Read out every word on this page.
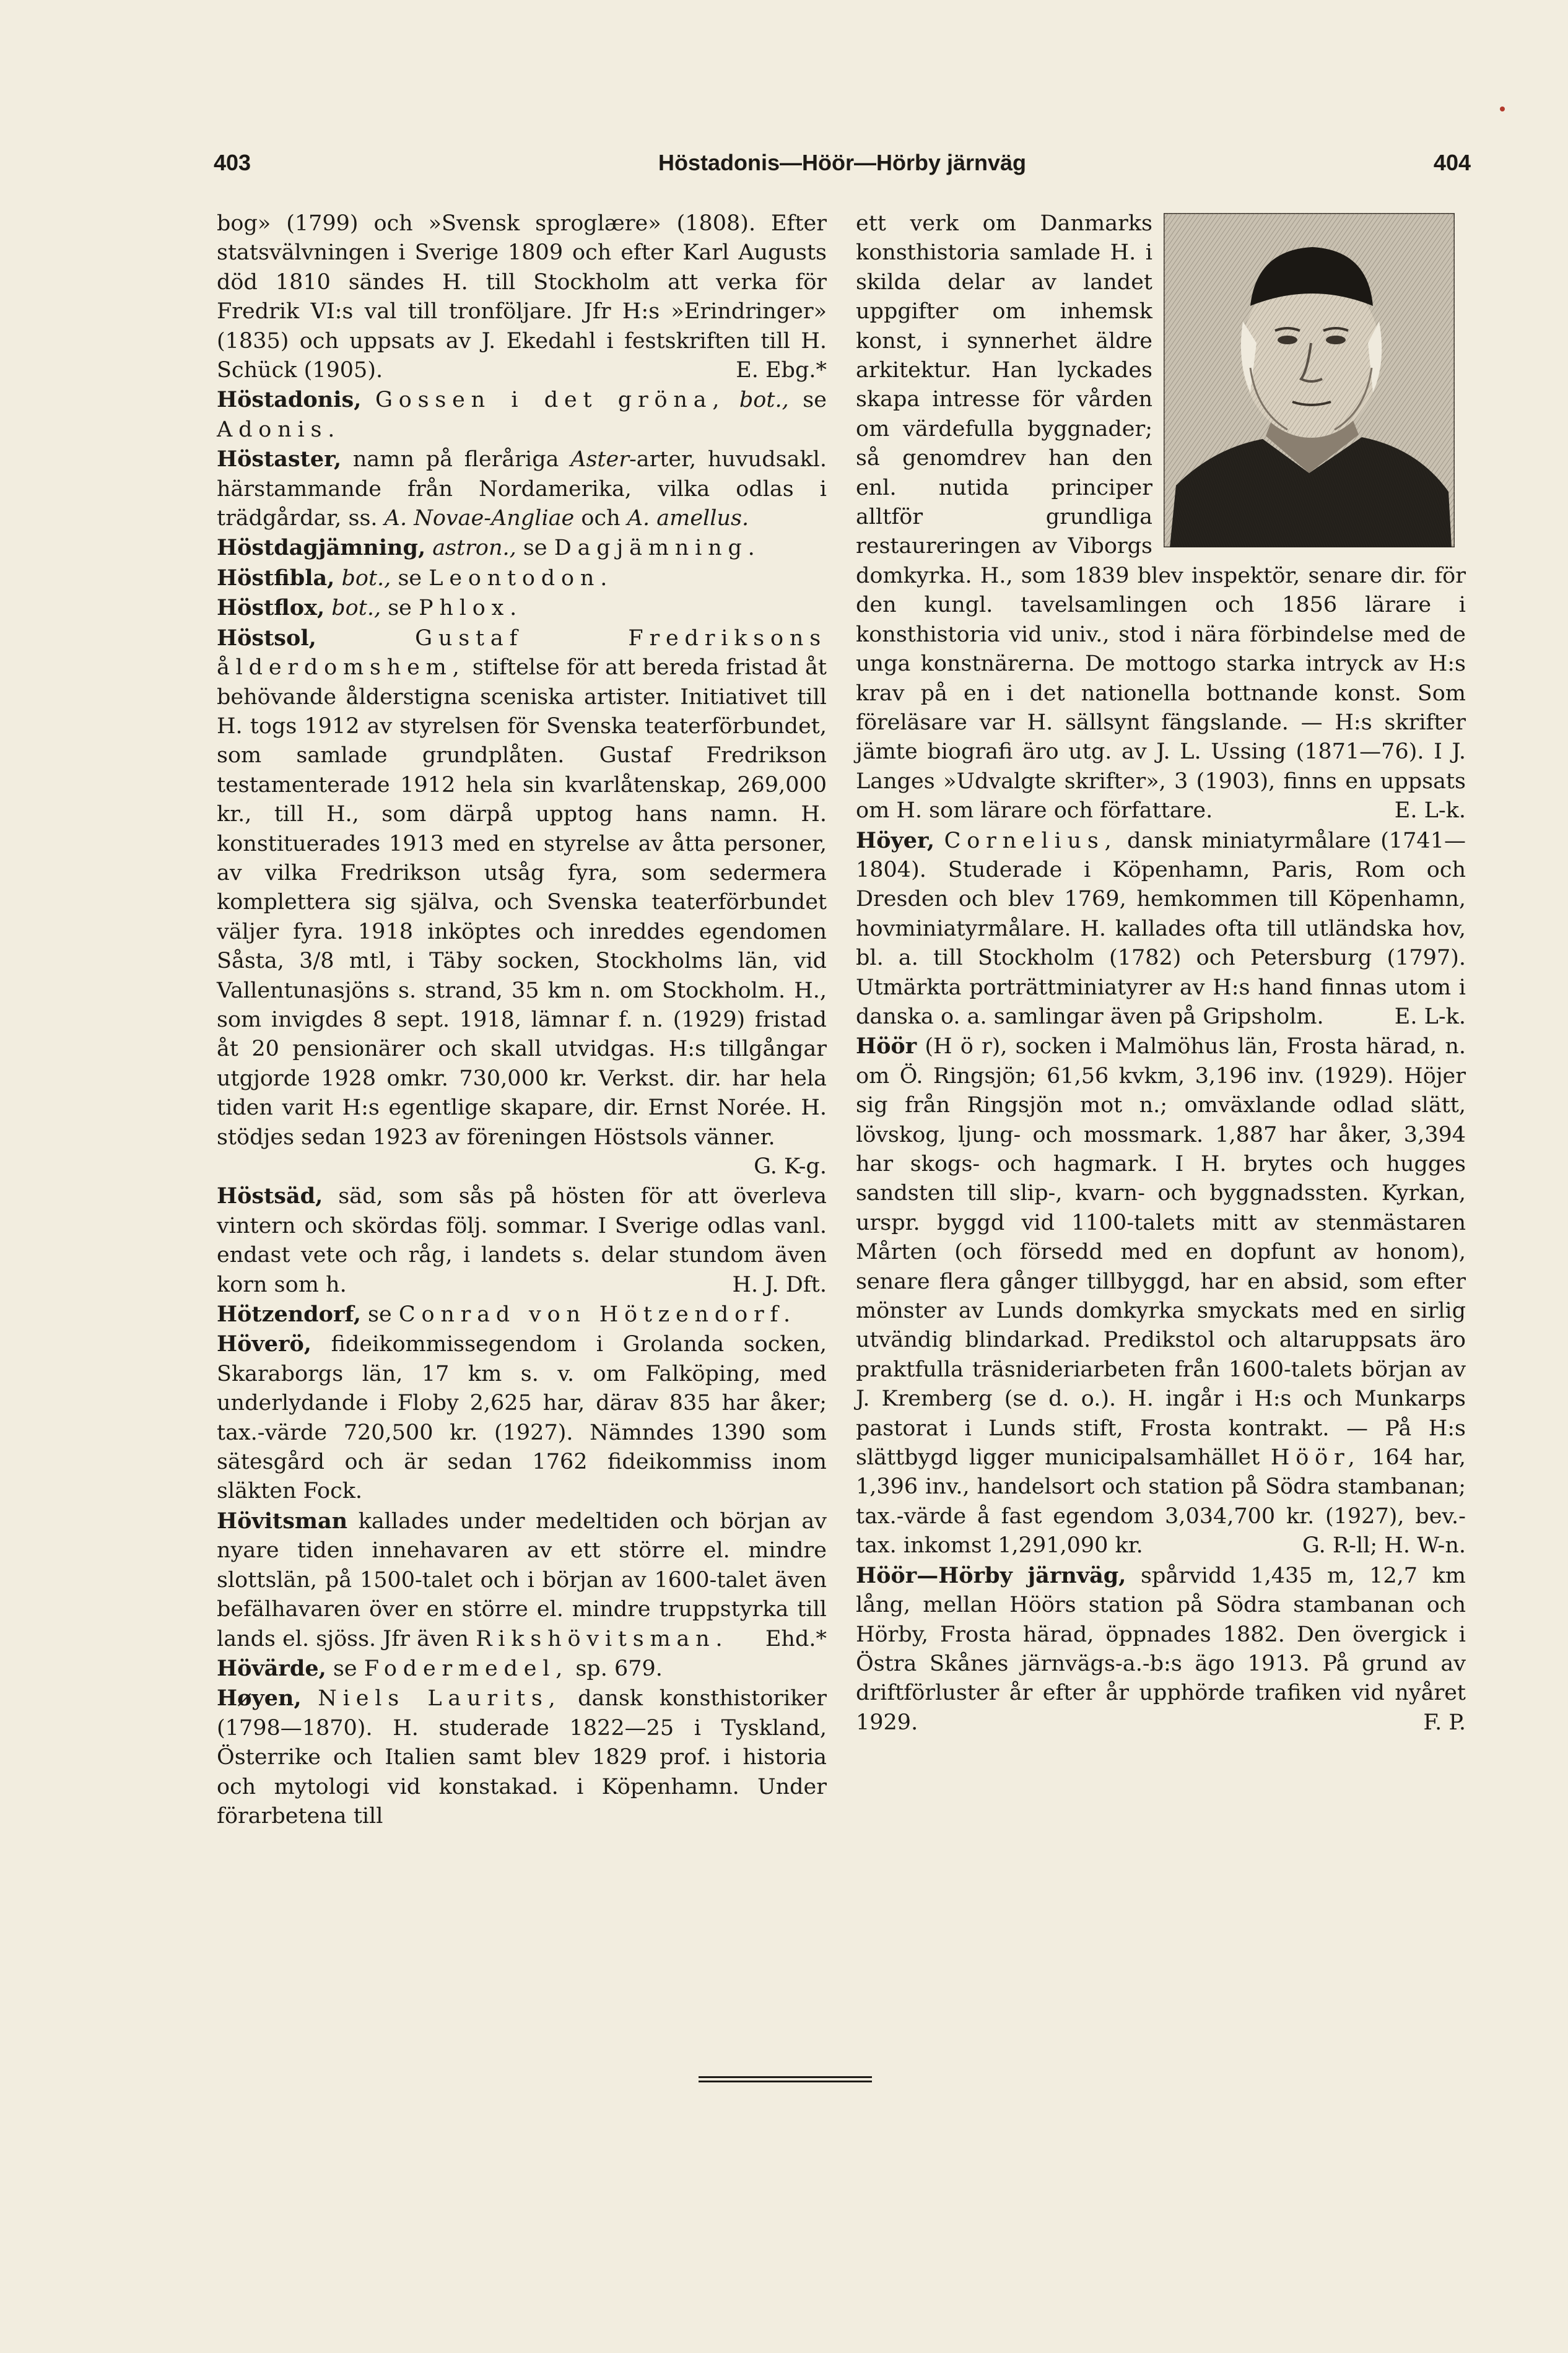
403	Höstadonis—Höör—Hörby järnväg	404

bog» (1799) och »Svensk sproglære» (1808). Efter statsvälvningen i Sverige 1809 och efter Karl Augusts död 1810 sändes H. till Stockholm att verka för Fredrik VI:s val till tronföljare. Jfr H:s »Erindringer» (1835) och uppsats av J. Ekedahl i festskriften till H. Schück (1905).	E. Ebg.*

Höstadonis, Gossen i det gröna, bot., se Adonis.

Höstaster, namn på fleråriga Aster-arter, huvudsakl. härstammande från Nordamerika, vilka odlas i trädgårdar, ss. A. Novae-Angliae och A. amellus.

Höstdagjämning, astron., se Dagjämning.

Höstfibla, bot., se Leontodon.

Höstflox, bot., se Phlox.

Höstsol,	Gustaf Fredriksons ålderdomshem, stiftelse för att bereda fristad åt behövande ålderstigna sceniska artister. Initiativet till H. togs 1912 av styrelsen för Svenska teaterförbundet, som samlade grundplåten. Gustaf Fredrikson testamenterade 1912 hela sin kvarlåtenskap, 269,000 kr., till H., som därpå upptog hans namn. H. konstituerades 1913 med en styrelse av åtta personer, av vilka Fredrikson utsåg fyra, som sedermera komplettera sig själva, och Svenska teaterförbundet väljer fyra. 1918 inköptes och inreddes egendomen Såsta, 3/8 mtl, i Täby socken, Stockholms län, vid Vallentunasjöns s. strand, 35 km n. om Stockholm. H., som invigdes 8 sept. 1918, lämnar f. n. (1929) fristad åt 20 pensionärer och skall utvidgas. H:s tillgångar utgjorde 1928 omkr. 730,000 kr. Verkst. dir. har hela tiden varit H:s egentlige skapare, dir. Ernst Norée. H. stödjes sedan 1923 av föreningen Höstsols vänner.
G. K-g.

Höstsäd, säd, som sås på hösten för att överleva vintern och skördas följ. sommar. I Sverige odlas vanl. endast vete och råg, i landets s. delar stundom även korn som h.	H. J. Dft.

Hötzendorf, se Conrad von Hötzendorf.

Höverö, fideikommissegendom i Grolanda socken, Skaraborgs län, 17 km s. v. om Falköping, med underlydande i Floby 2,625 har, därav 835 har åker; tax.-värde 720,500 kr. (1927). Nämndes 1390 som sätesgård och är sedan 1762 fideikommiss inom släkten Fock.

Hövitsman kallades under medeltiden och början av nyare tiden innehavaren av ett större el. mindre slottslän, på 1500-talet och i början av 1600-talet även befälhavaren över en större el. mindre truppstyrka till lands el. sjöss. Jfr även Rikshövitsman. Ehd.*

Hövärde, se Fodermedel, sp. 679.

Høyen, Niels Laurits, dansk konsthistoriker (1798—1870). H. studerade 1822—25 i Tyskland, Österrike och Italien samt blev 1829 prof. i historia och mytologi vid konstakad. i Köpenhamn. Under förarbetena till

ett verk om Danmarks konsthistoria samlade H. i skilda delar av landet uppgifter om inhemsk konst, i synnerhet äldre arkitektur. Han lyckades skapa intresse för vården om värdefulla byggnader; så genomdrev han den enl. nutida principer alltför grundliga restaureringen av Viborgs domkyrka. H., som 1839 blev inspektör, senare dir. för den kungl. tavelsamlingen och 1856 lärare i konsthistoria vid univ., stod i nära förbindelse med de unga konstnärerna. De mottogo starka intryck av H:s krav på en i det nationella bottnande konst. Som föreläsare var H. sällsynt fängslande. — H:s skrifter jämte biografi äro utg. av J. L. Ussing (1871—76). I J. Langes »Udvalgte skrifter», 3 (1903), finns en uppsats om H. som lärare och författare.	E. L-k.

Höyer, Cornelius, dansk miniatyrmålare (1741—1804). Studerade i Köpenhamn, Paris, Rom och Dresden och blev 1769, hemkommen till Köpenhamn, hovminiatyrmålare. H. kallades ofta till utländska hov, bl. a. till Stockholm (1782) och Petersburg (1797). Utmärkta porträttminiatyrer av H:s hand finnas utom i danska o. a. samlingar även på Gripsholm.	E. L-k.

Höör (H ö r), socken i Malmöhus län, Frosta härad, n. om Ö. Ringsjön; 61,56 kvkm, 3,196 inv. (1929). Höjer sig från Ringsjön mot n.; omväxlande odlad slätt, lövskog, ljung- och mossmark. 1,887 har åker, 3,394 har skogs- och hagmark. I H. brytes och hugges sandsten till slip-, kvarn- och byggnadssten. Kyrkan, urspr. byggd vid 1100-talets mitt av stenmästaren Mårten (och försedd med en dopfunt av honom), senare flera gånger tillbyggd, har en absid, som efter mönster av Lunds domkyrka smyckats med en sirlig utvändig blindarkad. Predikstol och altaruppsats äro praktfulla träsnideriarbeten från 1600-talets början av J. Kremberg (se d. o.). H. ingår i H:s och Munkarps pastorat i Lunds stift, Frosta kontrakt. — På H:s slättbygd ligger municipalsamhället Höör, 164 har, 1,396 inv., handelsort och station på Södra stambanan; tax.-värde å fast egendom 3,034,700 kr. (1927), bev.-tax. inkomst 1,291,090 kr.	G. R-ll; H. W-n.

Höör—Hörby järnväg, spårvidd 1,435 m, 12,7 km lång, mellan Höörs station på Södra stambanan och Hörby, Frosta härad, öppnades 1882. Den övergick i Östra Skånes järnvägs-a.-b:s ägo 1913. På grund av driftförluster år efter år upphörde trafiken vid nyåret 1929.	F. P.
